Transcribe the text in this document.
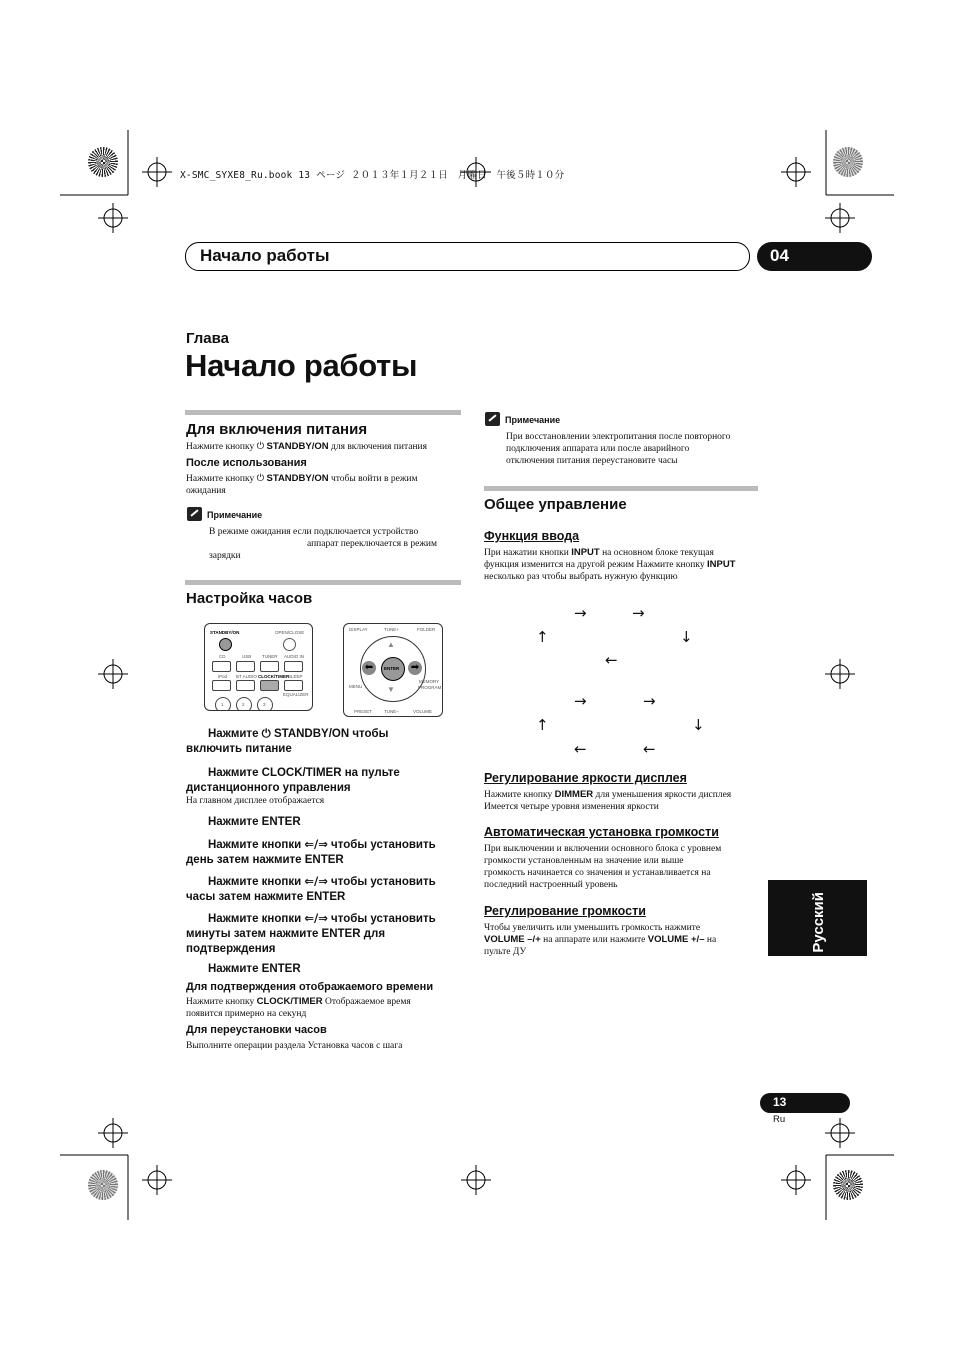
X-SMC_SYXE8_Ru.book 13 ページ ２０１３年１月２１日　月曜日　午後５時１０分
Начало работы	04
Глава
Начало работы
Для включения питания
Нажмите кнопку ⏻ STANDBY/ON для включения питания
После использования
Нажмите кнопку ⏻ STANDBY/ON чтобы войти в режим ожидания
Примечание
В режиме ожидания если подключается устройство
аппарат переключается в режим
зарядки
Настройка часов
STANDBY/ON	OPEN/CLOSE
CD	USB TUNER AUDIO IN
iPod BT AUDIO CLOCK/TIMER
SLEEP
EQUALIZER
1	2	3
DISPLAY	TUNE+	FOLDER
ENTER
⬅	➡
▲
▼
MENU
MEMORY
PROGRAM
PRESET	TUNE–	VOLUME
Нажмите ⏻ STANDBY/ON чтобы
включить питание
Нажмите CLOCK/TIMER на пульте
дистанционного управления
На главном дисплее отображается
Нажмите ENTER
Нажмите кнопки ⇐/⇒ чтобы установить
день затем нажмите ENTER
Нажмите кнопки ⇐/⇒ чтобы установить
часы затем нажмите ENTER
Нажмите кнопки ⇐/⇒ чтобы установить
минуты затем нажмите ENTER для
подтверждения
Нажмите ENTER
Для подтверждения отображаемого времени
Нажмите кнопку CLOCK/TIMER Отображаемое время
появится примерно на секунд
Для переустановки часов
Выполните операции раздела Установка часов с шага
Примечание
При восстановлении электропитания после повторного
подключения аппарата или после аварийного
отключения питания переустановите часы
Общее управление
Функция ввода
При нажатии кнопки INPUT на основном блоке текущая
функция изменится на другой режим Нажмите кнопку INPUT
несколько раз чтобы выбрать нужную функцию
→	→
↑	↓
←
→	→
↑	↓
←	←
Регулирование яркости дисплея
Нажмите кнопку DIMMER для уменьшения яркости дисплея
Имеется четыре уровня изменения яркости
Автоматическая установка громкости
При выключении и включении основного блока с уровнем
громкости установленным на значение или выше
громкость начинается со значения и устанавливается на
последний настроенный уровень
Регулирование громкости
Чтобы увеличить или уменьшить громкость нажмите
VOLUME –/+ на аппарате или нажмите VOLUME +/– на
пульте ДУ	Русский
13
Ru
